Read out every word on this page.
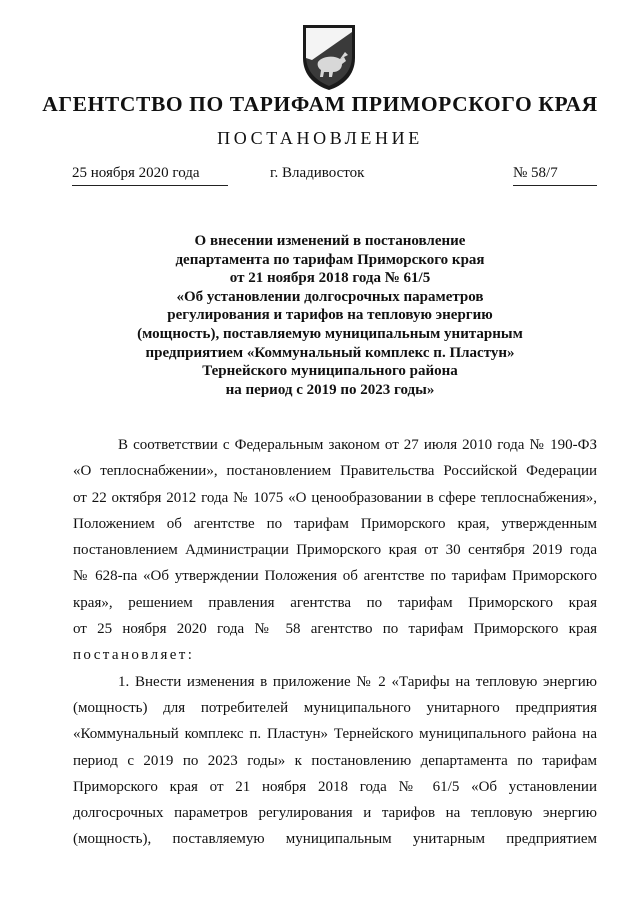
АГЕНТСТВО ПО ТАРИФАМ ПРИМОРСКОГО КРАЯ
ПОСТАНОВЛЕНИЕ
25 ноября 2020 года	г. Владивосток	№ 58/7
О внесении изменений в постановление
департамента по тарифам Приморского края
от 21 ноября 2018 года № 61/5
«Об установлении долгосрочных параметров
регулирования и тарифов на тепловую энергию
(мощность), поставляемую муниципальным унитарным
предприятием «Коммунальный комплекс п. Пластун»
Тернейского муниципального района
на период с 2019 по 2023 годы»
В соответствии с Федеральным законом от 27 июля 2010 года № 190-ФЗ
«О теплоснабжении», постановлением Правительства Российской Федерации
от 22 октября 2012 года № 1075 «О ценообразовании в сфере теплоснабжения»,
Положением об агентстве по тарифам Приморского края, утвержденным
постановлением Администрации Приморского края от 30 сентября 2019 года
№ 628-па «Об утверждении Положения об агентстве по тарифам Приморского
края», решением правления агентства по тарифам Приморского края
от 25 ноября 2020 года № 58 агентство по тарифам Приморского края
постановляет:
1. Внести изменения в приложение № 2 «Тарифы на тепловую энергию
(мощность) для потребителей муниципального унитарного предприятия
«Коммунальный комплекс п. Пластун» Тернейского муниципального района на
период с 2019 по 2023 годы» к постановлению департамента по тарифам
Приморского края от 21 ноября 2018 года № 61/5 «Об установлении
долгосрочных параметров регулирования и тарифов на тепловую энергию
(мощность), поставляемую муниципальным унитарным предприятием
